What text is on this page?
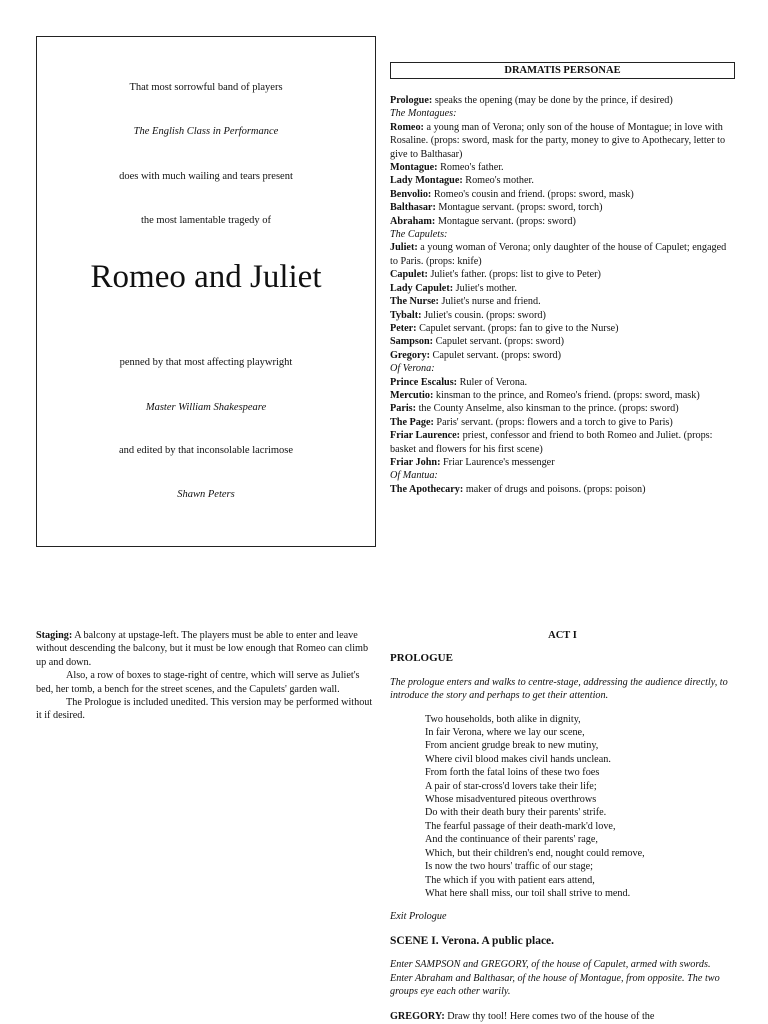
That most sorrowful band of players
The English Class in Performance
does with much wailing and tears present
the most lamentable tragedy of
Romeo and Juliet
penned by that most affecting playwright
Master William Shakespeare
and edited by that inconsolable lacrimose
Shawn Peters
DRAMATIS PERSONAE
Prologue: speaks the opening (may be done by the prince, if desired)
The Montagues:
Romeo: a young man of Verona; only son of the house of Montague; in love with Rosaline. (props: sword, mask for the party, money to give to Apothecary, letter to give to Balthasar)
Montague: Romeo's father.
Lady Montague: Romeo's mother.
Benvolio: Romeo's cousin and friend. (props: sword, mask)
Balthasar: Montague servant. (props: sword, torch)
Abraham: Montague servant. (props: sword)
The Capulets:
Juliet: a young woman of Verona; only daughter of the house of Capulet; engaged to Paris. (props: knife)
Capulet: Juliet's father. (props: list to give to Peter)
Lady Capulet: Juliet's mother.
The Nurse: Juliet's nurse and friend.
Tybalt: Juliet's cousin. (props: sword)
Peter: Capulet servant. (props: fan to give to the Nurse)
Sampson: Capulet servant. (props: sword)
Gregory: Capulet servant. (props: sword)
Of Verona:
Prince Escalus: Ruler of Verona.
Mercutio: kinsman to the prince, and Romeo's friend. (props: sword, mask)
Paris: the County Anselme, also kinsman to the prince. (props: sword)
The Page: Paris' servant. (props: flowers and a torch to give to Paris)
Friar Laurence: priest, confessor and friend to both Romeo and Juliet. (props: basket and flowers for his first scene)
Friar John: Friar Laurence's messenger
Of Mantua:
The Apothecary: maker of drugs and poisons. (props: poison)

Staging: A balcony at upstage-left. The players must be able to enter and leave without descending the balcony, but it must be low enough that Romeo can climb up and down.

Also, a row of boxes to stage-right of centre, which will serve as Juliet's bed, her tomb, a bench for the street scenes, and the Capulets' garden wall.

The Prologue is included unedited. This version may be performed without it if desired.

ACT I
PROLOGUE
The prologue enters and walks to centre-stage, addressing the audience directly, to introduce the story and perhaps to get their attention.
Two households, both alike in dignity,
In fair Verona, where we lay our scene,
From ancient grudge break to new mutiny,
Where civil blood makes civil hands unclean.
From forth the fatal loins of these two foes
A pair of star-cross'd lovers take their life;
Whose misadventured piteous overthrows
Do with their death bury their parents' strife.
The fearful passage of their death-mark'd love,
And the continuance of their parents' rage,
Which, but their children's end, nought could remove,
Is now the two hours' traffic of our stage;
The which if you with patient ears attend,
What here shall miss, our toil shall strive to mend.
Exit Prologue
SCENE I. Verona. A public place.
Enter SAMPSON and GREGORY, of the house of Capulet, armed with swords. Enter Abraham and Balthasar, of the house of Montague, from opposite. The two groups eye each other warily.
GREGORY: Draw thy tool! Here comes two of the house of the
